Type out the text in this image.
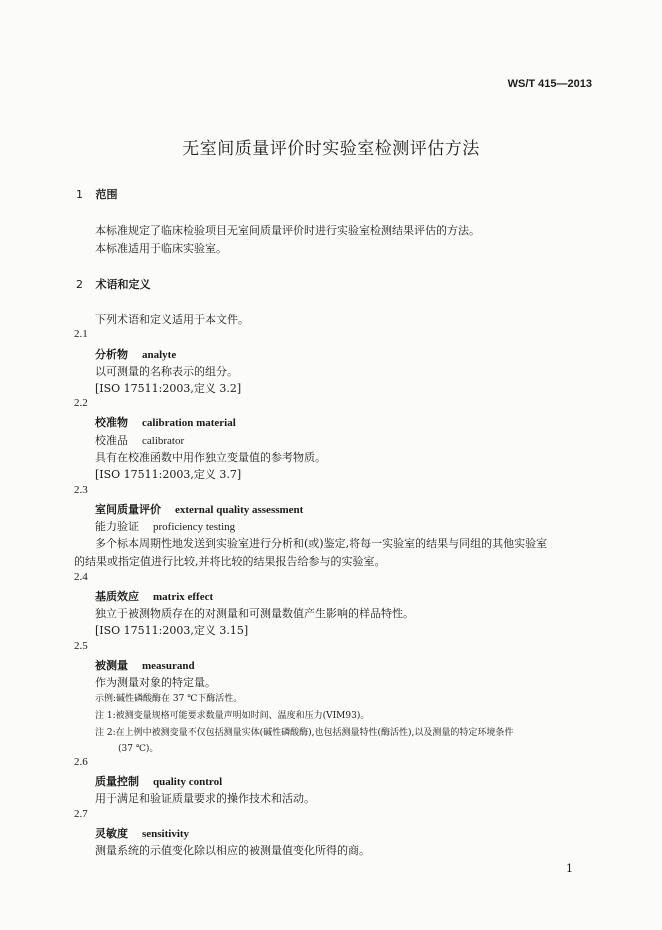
WS/T 415—2013
无室间质量评价时实验室检测评估方法
1 范围
本标准规定了临床检验项目无室间质量评价时进行实验室检测结果评估的方法。
本标准适用于临床实验室。
2 术语和定义
下列术语和定义适用于本文件。
2.1
分析物 analyte
以可测量的名称表示的组分。
[ISO 17511:2003,定义 3.2]
2.2
校准物 calibration material
校准品 calibrator
具有在校准函数中用作独立变量值的参考物质。
[ISO 17511:2003,定义 3.7]
2.3
室间质量评价 external quality assessment
能力验证 proficiency testing
多个标本周期性地发送到实验室进行分析和(或)鉴定,将每一实验室的结果与同组的其他实验室
的结果或指定值进行比较,并将比较的结果报告给参与的实验室。
2.4
基质效应 matrix effect
独立于被测物质存在的对测量和可测量数值产生影响的样品特性。
[ISO 17511:2003,定义 3.15]
2.5
被测量 measurand
作为测量对象的特定量。
示例:碱性磷酸酶在 37 ℃下酶活性。
注 1:被测变量规格可能要求数量声明如时间、温度和压力(VIM93)。
注 2:在上例中被测变量不仅包括测量实体(碱性磷酸酶),也包括测量特性(酶活性),以及测量的特定环境条件
(37 ℃)。
2.6
质量控制 quality control
用于满足和验证质量要求的操作技术和活动。
2.7
灵敏度 sensitivity
测量系统的示值变化除以相应的被测量值变化所得的商。
1
